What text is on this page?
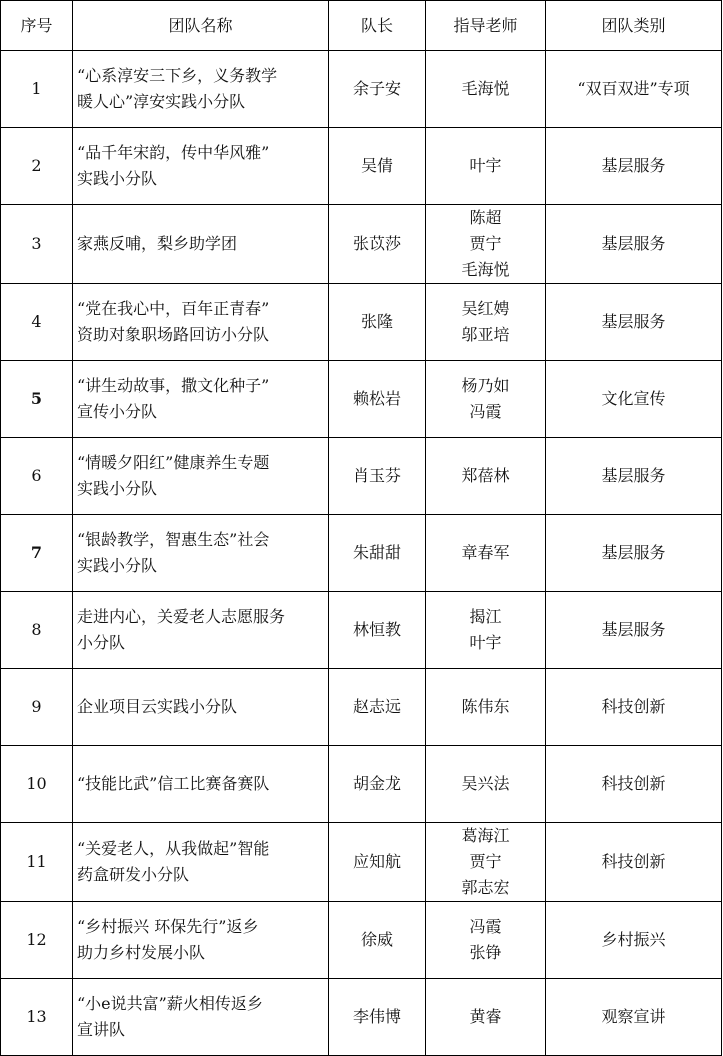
序号	团队名称	队长	指导老师	团队类别
1	“心系淳安三下乡，义务教学
暖人心”淳安实践小分队	余子安	毛海悦	“双百双进”专项
2	“品千年宋韵，传中华风雅”
实践小分队	吴倩	叶宇	基层服务
3	家燕反哺，梨乡助学团	张苡莎	陈超
贾宁
毛海悦	基层服务
4	“党在我心中，百年正青春”
资助对象职场路回访小分队	张隆	吴红娉
邬亚培	基层服务
5	“讲生动故事，撒文化种子”
宣传小分队	赖松岩	杨乃如
冯霞	文化宣传
6	“情暖夕阳红”健康养生专题
实践小分队	肖玉芬	郑蓓林	基层服务
7	“银龄教学，智惠生态”社会
实践小分队	朱甜甜	章春军	基层服务
8	走进内心，关爱老人志愿服务
小分队	林恒教	揭江
叶宇	基层服务
9	企业项目云实践小分队	赵志远	陈伟东	科技创新
10	“技能比武”信工比赛备赛队	胡金龙	吴兴法	科技创新
11	“关爱老人，从我做起”智能
药盒研发小分队	应知航	葛海江
贾宁
郭志宏	科技创新
12	“乡村振兴 环保先行”返乡
助力乡村发展小队	徐威	冯霞
张铮	乡村振兴
13	“小e说共富”薪火相传返乡
宣讲队	李伟博	黄睿	观察宣讲
